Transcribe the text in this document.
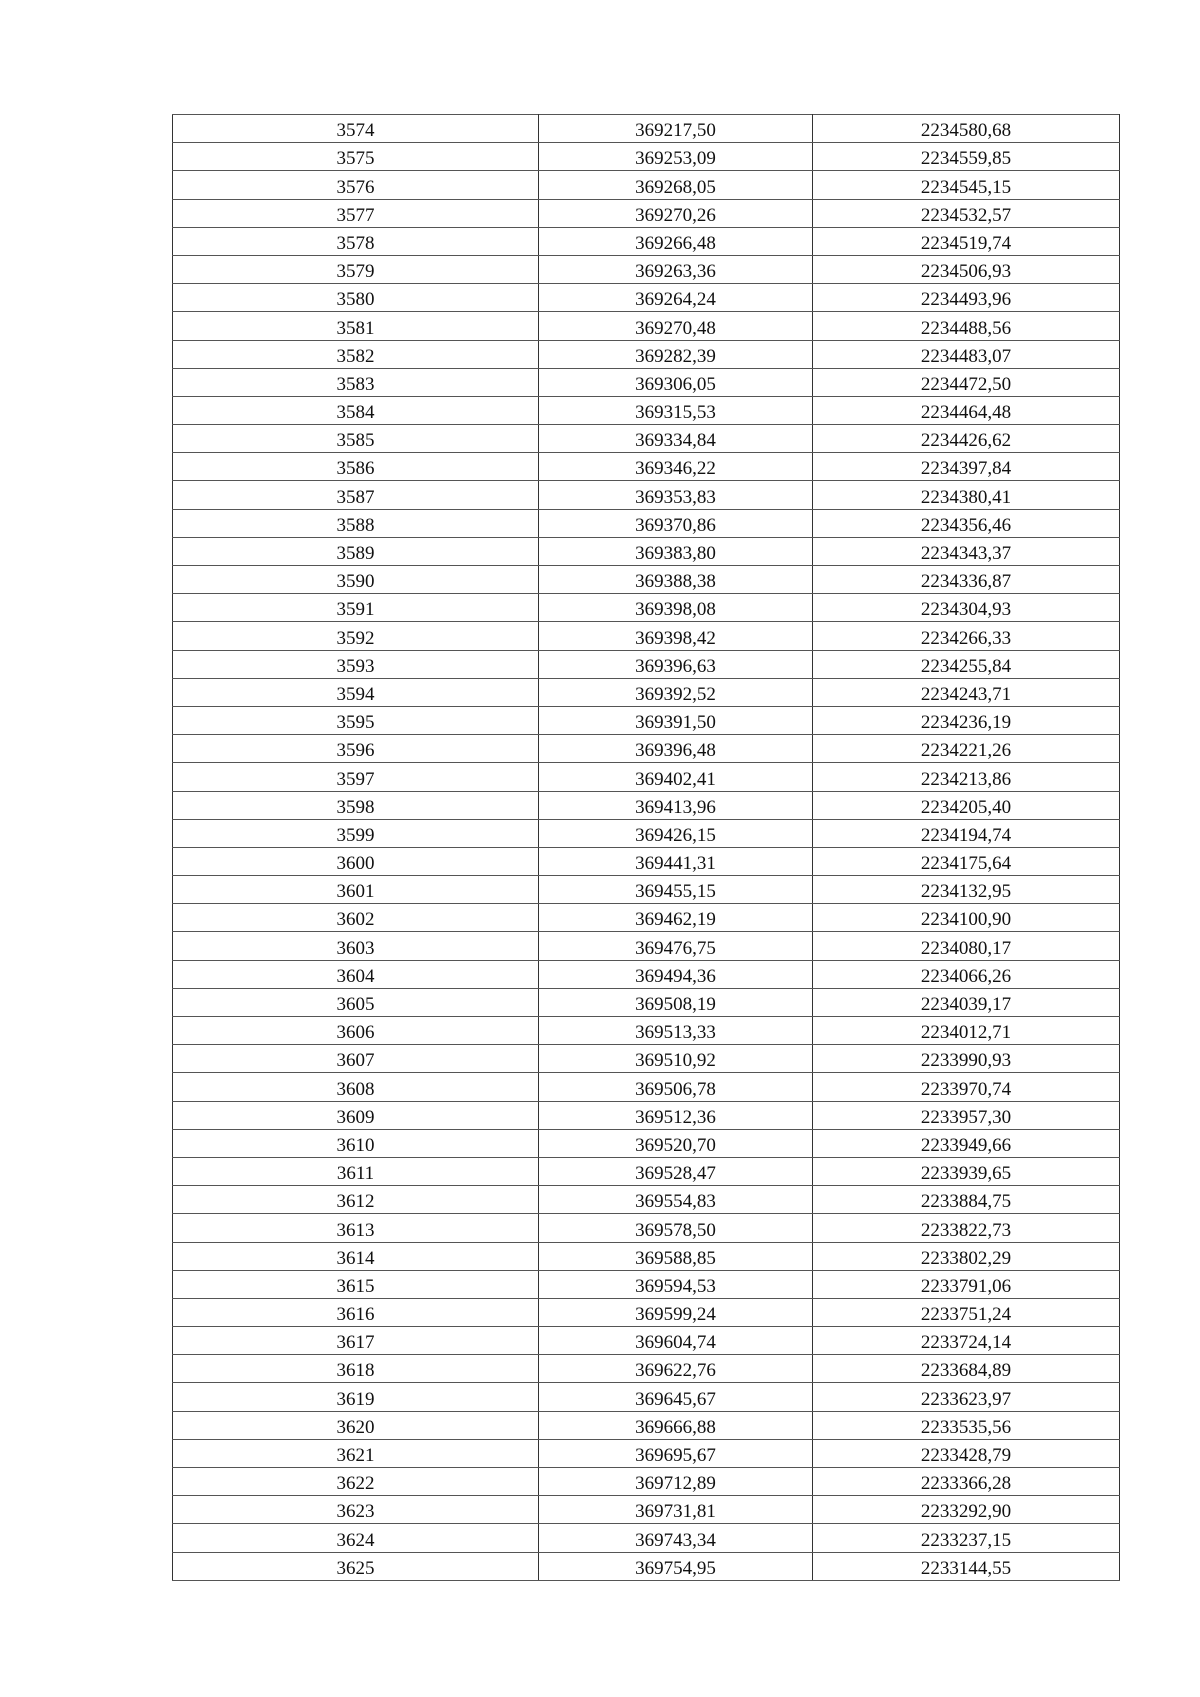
3574	369217,50	2234580,68
3575	369253,09	2234559,85
3576	369268,05	2234545,15
3577	369270,26	2234532,57
3578	369266,48	2234519,74
3579	369263,36	2234506,93
3580	369264,24	2234493,96
3581	369270,48	2234488,56
3582	369282,39	2234483,07
3583	369306,05	2234472,50
3584	369315,53	2234464,48
3585	369334,84	2234426,62
3586	369346,22	2234397,84
3587	369353,83	2234380,41
3588	369370,86	2234356,46
3589	369383,80	2234343,37
3590	369388,38	2234336,87
3591	369398,08	2234304,93
3592	369398,42	2234266,33
3593	369396,63	2234255,84
3594	369392,52	2234243,71
3595	369391,50	2234236,19
3596	369396,48	2234221,26
3597	369402,41	2234213,86
3598	369413,96	2234205,40
3599	369426,15	2234194,74
3600	369441,31	2234175,64
3601	369455,15	2234132,95
3602	369462,19	2234100,90
3603	369476,75	2234080,17
3604	369494,36	2234066,26
3605	369508,19	2234039,17
3606	369513,33	2234012,71
3607	369510,92	2233990,93
3608	369506,78	2233970,74
3609	369512,36	2233957,30
3610	369520,70	2233949,66
3611	369528,47	2233939,65
3612	369554,83	2233884,75
3613	369578,50	2233822,73
3614	369588,85	2233802,29
3615	369594,53	2233791,06
3616	369599,24	2233751,24
3617	369604,74	2233724,14
3618	369622,76	2233684,89
3619	369645,67	2233623,97
3620	369666,88	2233535,56
3621	369695,67	2233428,79
3622	369712,89	2233366,28
3623	369731,81	2233292,90
3624	369743,34	2233237,15
3625	369754,95	2233144,55
